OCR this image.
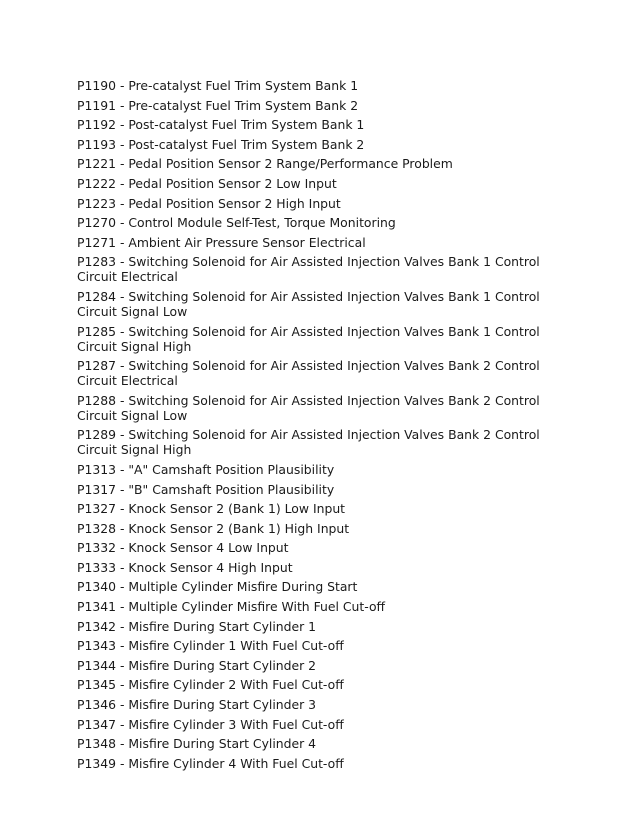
P1190 - Pre-catalyst Fuel Trim System Bank 1
P1191 - Pre-catalyst Fuel Trim System Bank 2
P1192 - Post-catalyst Fuel Trim System Bank 1
P1193 - Post-catalyst Fuel Trim System Bank 2
P1221 - Pedal Position Sensor 2 Range/Performance Problem
P1222 - Pedal Position Sensor 2 Low Input
P1223 - Pedal Position Sensor 2 High Input
P1270 - Control Module Self-Test, Torque Monitoring
P1271 - Ambient Air Pressure Sensor Electrical
P1283 - Switching Solenoid for Air Assisted Injection Valves Bank 1 Control Circuit Electrical
P1284 - Switching Solenoid for Air Assisted Injection Valves Bank 1 Control Circuit Signal Low
P1285 - Switching Solenoid for Air Assisted Injection Valves Bank 1 Control Circuit Signal High
P1287 - Switching Solenoid for Air Assisted Injection Valves Bank 2 Control Circuit Electrical
P1288 - Switching Solenoid for Air Assisted Injection Valves Bank 2 Control Circuit Signal Low
P1289 - Switching Solenoid for Air Assisted Injection Valves Bank 2 Control Circuit Signal High
P1313 - "A" Camshaft Position Plausibility
P1317 - "B" Camshaft Position Plausibility
P1327 - Knock Sensor 2 (Bank 1) Low Input
P1328 - Knock Sensor 2 (Bank 1) High Input
P1332 - Knock Sensor 4 Low Input
P1333 - Knock Sensor 4 High Input
P1340 - Multiple Cylinder Misfire During Start
P1341 - Multiple Cylinder Misfire With Fuel Cut-off
P1342 - Misfire During Start Cylinder 1
P1343 - Misfire Cylinder 1 With Fuel Cut-off
P1344 - Misfire During Start Cylinder 2
P1345 - Misfire Cylinder 2 With Fuel Cut-off
P1346 - Misfire During Start Cylinder 3
P1347 - Misfire Cylinder 3 With Fuel Cut-off
P1348 - Misfire During Start Cylinder 4
P1349 - Misfire Cylinder 4 With Fuel Cut-off
